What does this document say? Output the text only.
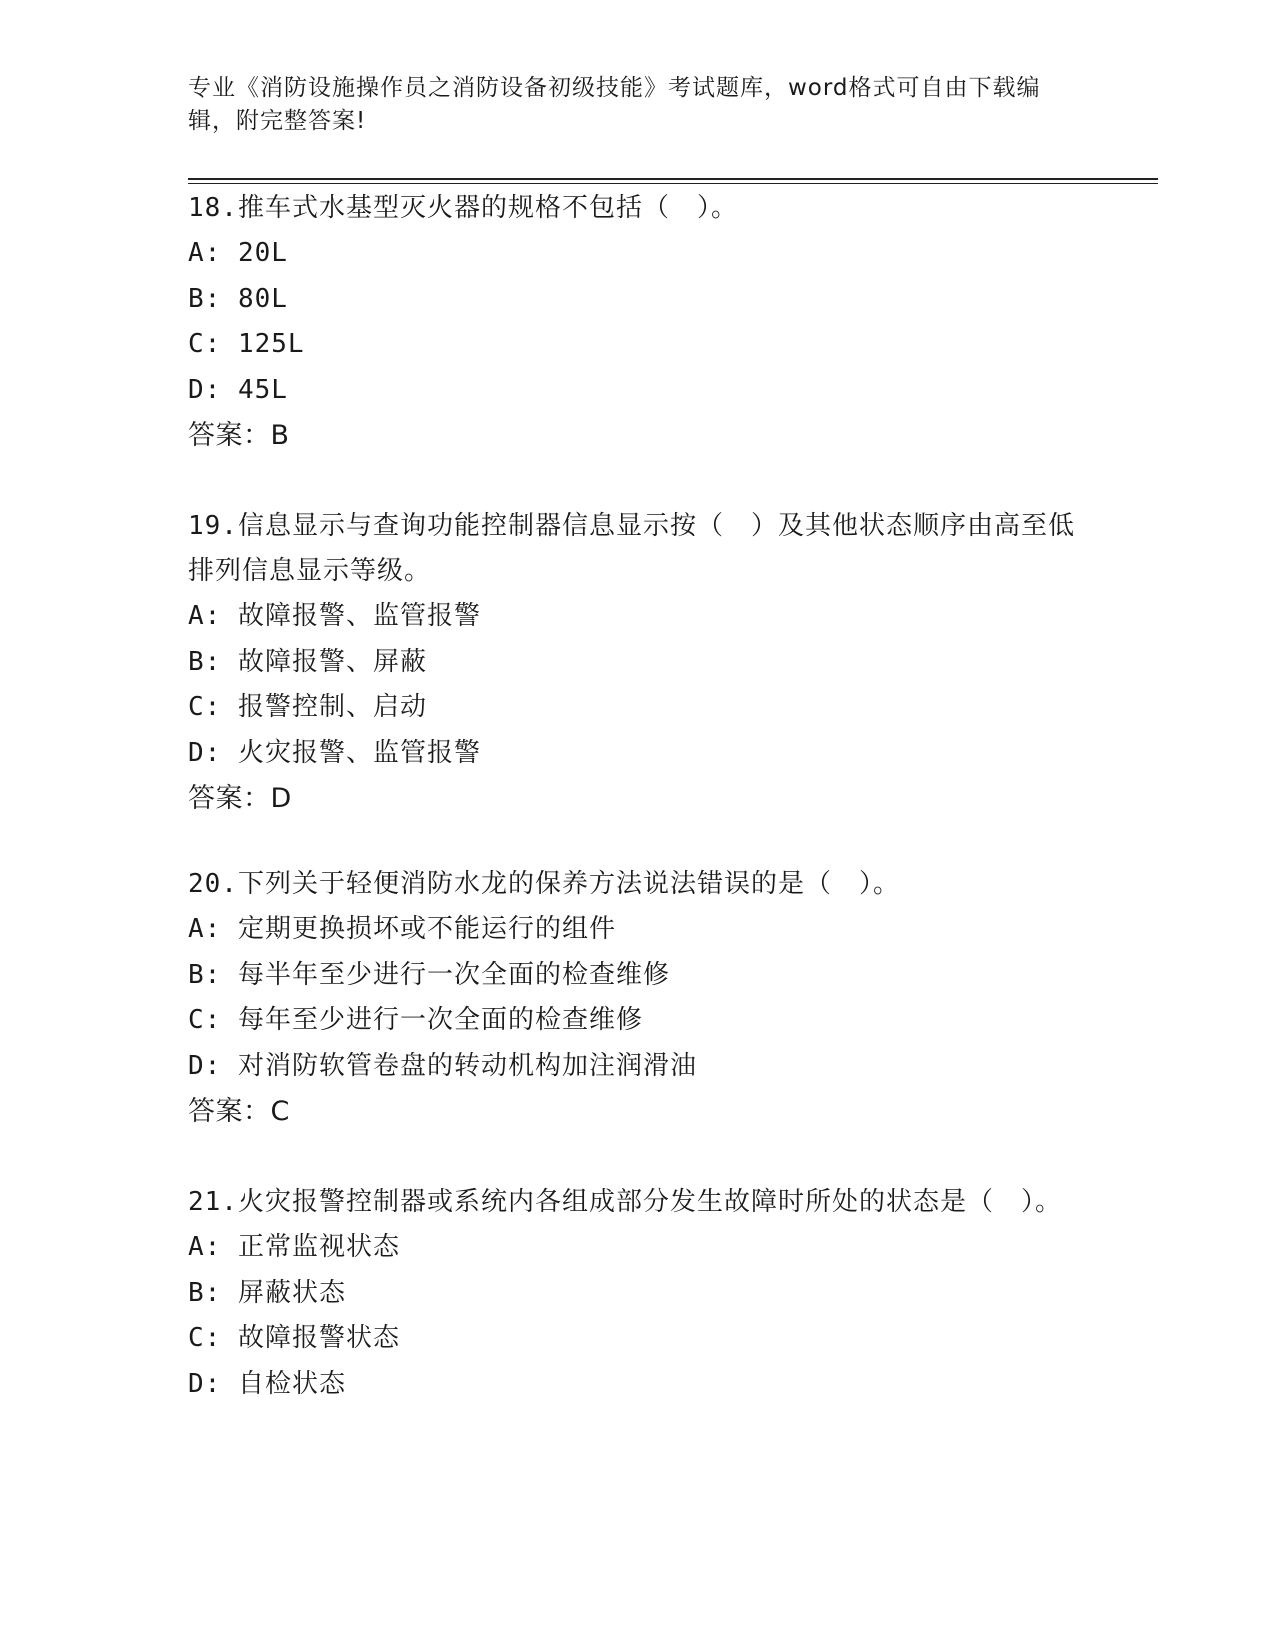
专业《消防设施操作员之消防设备初级技能》考试题库，word格式可自由下载编辑，附完整答案!

18.推车式水基型灭火器的规格不包括（　）。

A: 20L

B: 80L

C: 125L

D: 45L

答案：B

19.信息显示与查询功能控制器信息显示按（　）及其他状态顺序由高至低排列信息显示等级。

A: 故障报警、监管报警

B: 故障报警、屏蔽

C: 报警控制、启动

D: 火灾报警、监管报警

答案：D

20.下列关于轻便消防水龙的保养方法说法错误的是（　）。

A: 定期更换损坏或不能运行的组件

B: 每半年至少进行一次全面的检查维修

C: 每年至少进行一次全面的检查维修

D: 对消防软管卷盘的转动机构加注润滑油

答案：C

21.火灾报警控制器或系统内各组成部分发生故障时所处的状态是（　）。

A: 正常监视状态

B: 屏蔽状态

C: 故障报警状态

D: 自检状态
